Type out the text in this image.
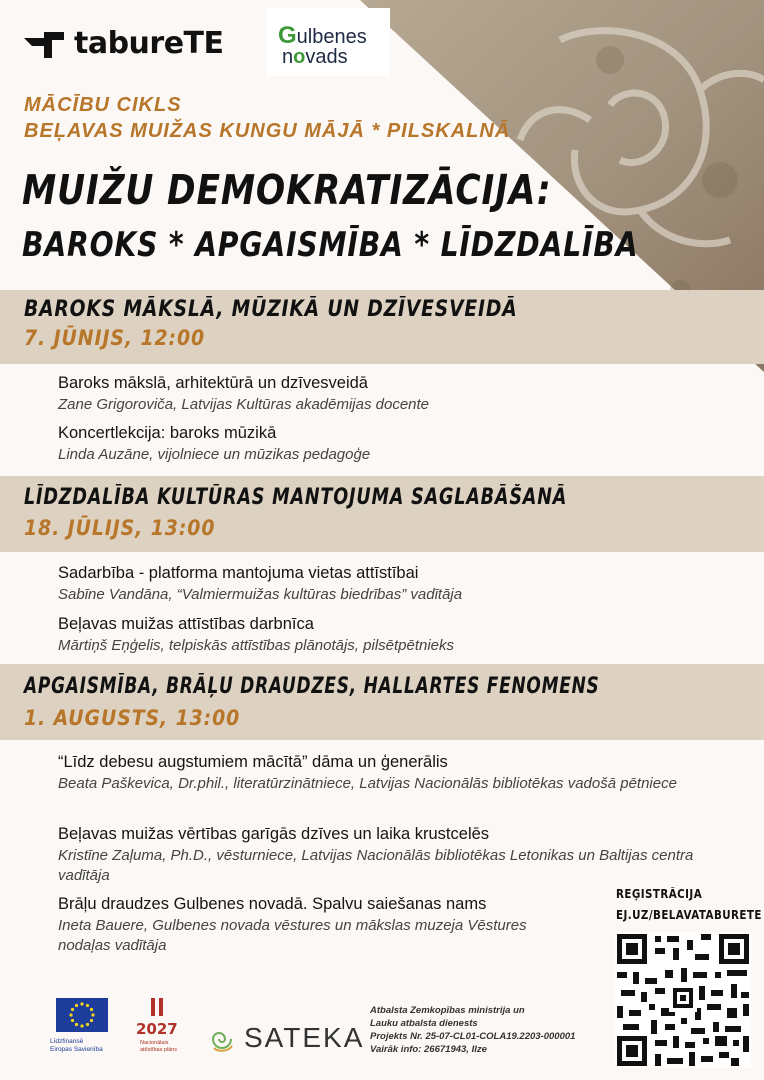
tabureTE Gulbenes
novads
MĀCĪBU CIKLS
BEĻAVAS MUIŽAS KUNGU MĀJĀ * PILSKALNĀ
MUIŽU DEMOKRATIZĀCIJA:
BAROKS * APGAISMĪBA * LĪDZDALĪBA
BAROKS MĀKSLĀ, MŪZIKĀ UN DZĪVESVEIDĀ
7. JŪNIJS, 12:00
Baroks mākslā, arhitektūrā un dzīvesveidā
Zane Grigoroviča, Latvijas Kultūras akadēmijas docente
Koncertlekcija: baroks mūzikā
Linda Auzāne, vijolniece un mūzikas pedagoģe
LĪDZDALĪBA KULTŪRAS MANTOJUMA SAGLABĀŠANĀ
18. JŪLIJS, 13:00
Sadarbība - platforma mantojuma vietas attīstībai
Sabīne Vandāna, “Valmiermuižas kultūras biedrības” vadītāja
Beļavas muižas attīstības darbnīca
Mārtiņš Eņģelis, telpiskās attīstības plānotājs, pilsētpētnieks
APGAISMĪBA, BRĀĻU DRAUDZES, HALLARTES FENOMENS
1. AUGUSTS, 13:00
“Līdz debesu augstumiem mācītā” dāma un ģenerālis
Beata Paškevica, Dr.phil., literatūrzinātniece, Latvijas Nacionālās bibliotēkas vadošā pētniece
Beļavas muižas vērtības garīgās dzīves un laika krustcelēs
Kristīne Zaļuma, Ph.D., vēsturniece, Latvijas Nacionālās bibliotēkas Letonikas un Baltijas centra vadītāja
Brāļu draudzes Gulbenes novadā. Spalvu saiešanas nams
Ineta Bauere, Gulbenes novada vēstures un mākslas muzeja Vēstures nodaļas vadītāja
REĢISTRĀCIJA
EJ.UZ/BELAVATABURETE
Līdzfinansē
Eiropas Savienība
2027
Nacionālais
attīstības plāns SATEKA
Atbalsta Zemkopības ministrija un
Lauku atbalsta dienests
Projekts Nr. 25-07-CL01-COLA19.2203-000001
Vairāk info: 26671943, Ilze
